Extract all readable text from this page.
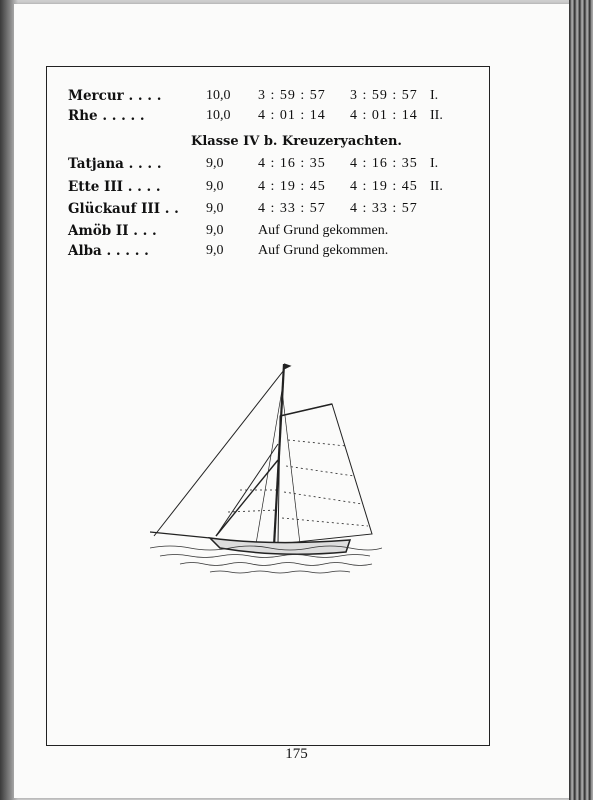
Mercur . . . .	10,0 3 : 59 : 57 3 : 59 : 57 I.
Rhe . . . . .	10,0 4 : 01 : 14 4 : 01 : 14 II.
Klasse IV b. Kreuzeryachten.
Tatjana . . . .	9,0 4 : 16 : 35 4 : 16 : 35 I.
Ette III . . . .	9,0 4 : 19 : 45 4 : 19 : 45 II.
Glückauf III . . 9,0 4 : 33 : 57 4 : 33 : 57
Amöb II . . .	9,0 Auf Grund gekommen.
Alba . . . . .	9,0 Auf Grund gekommen.
175
